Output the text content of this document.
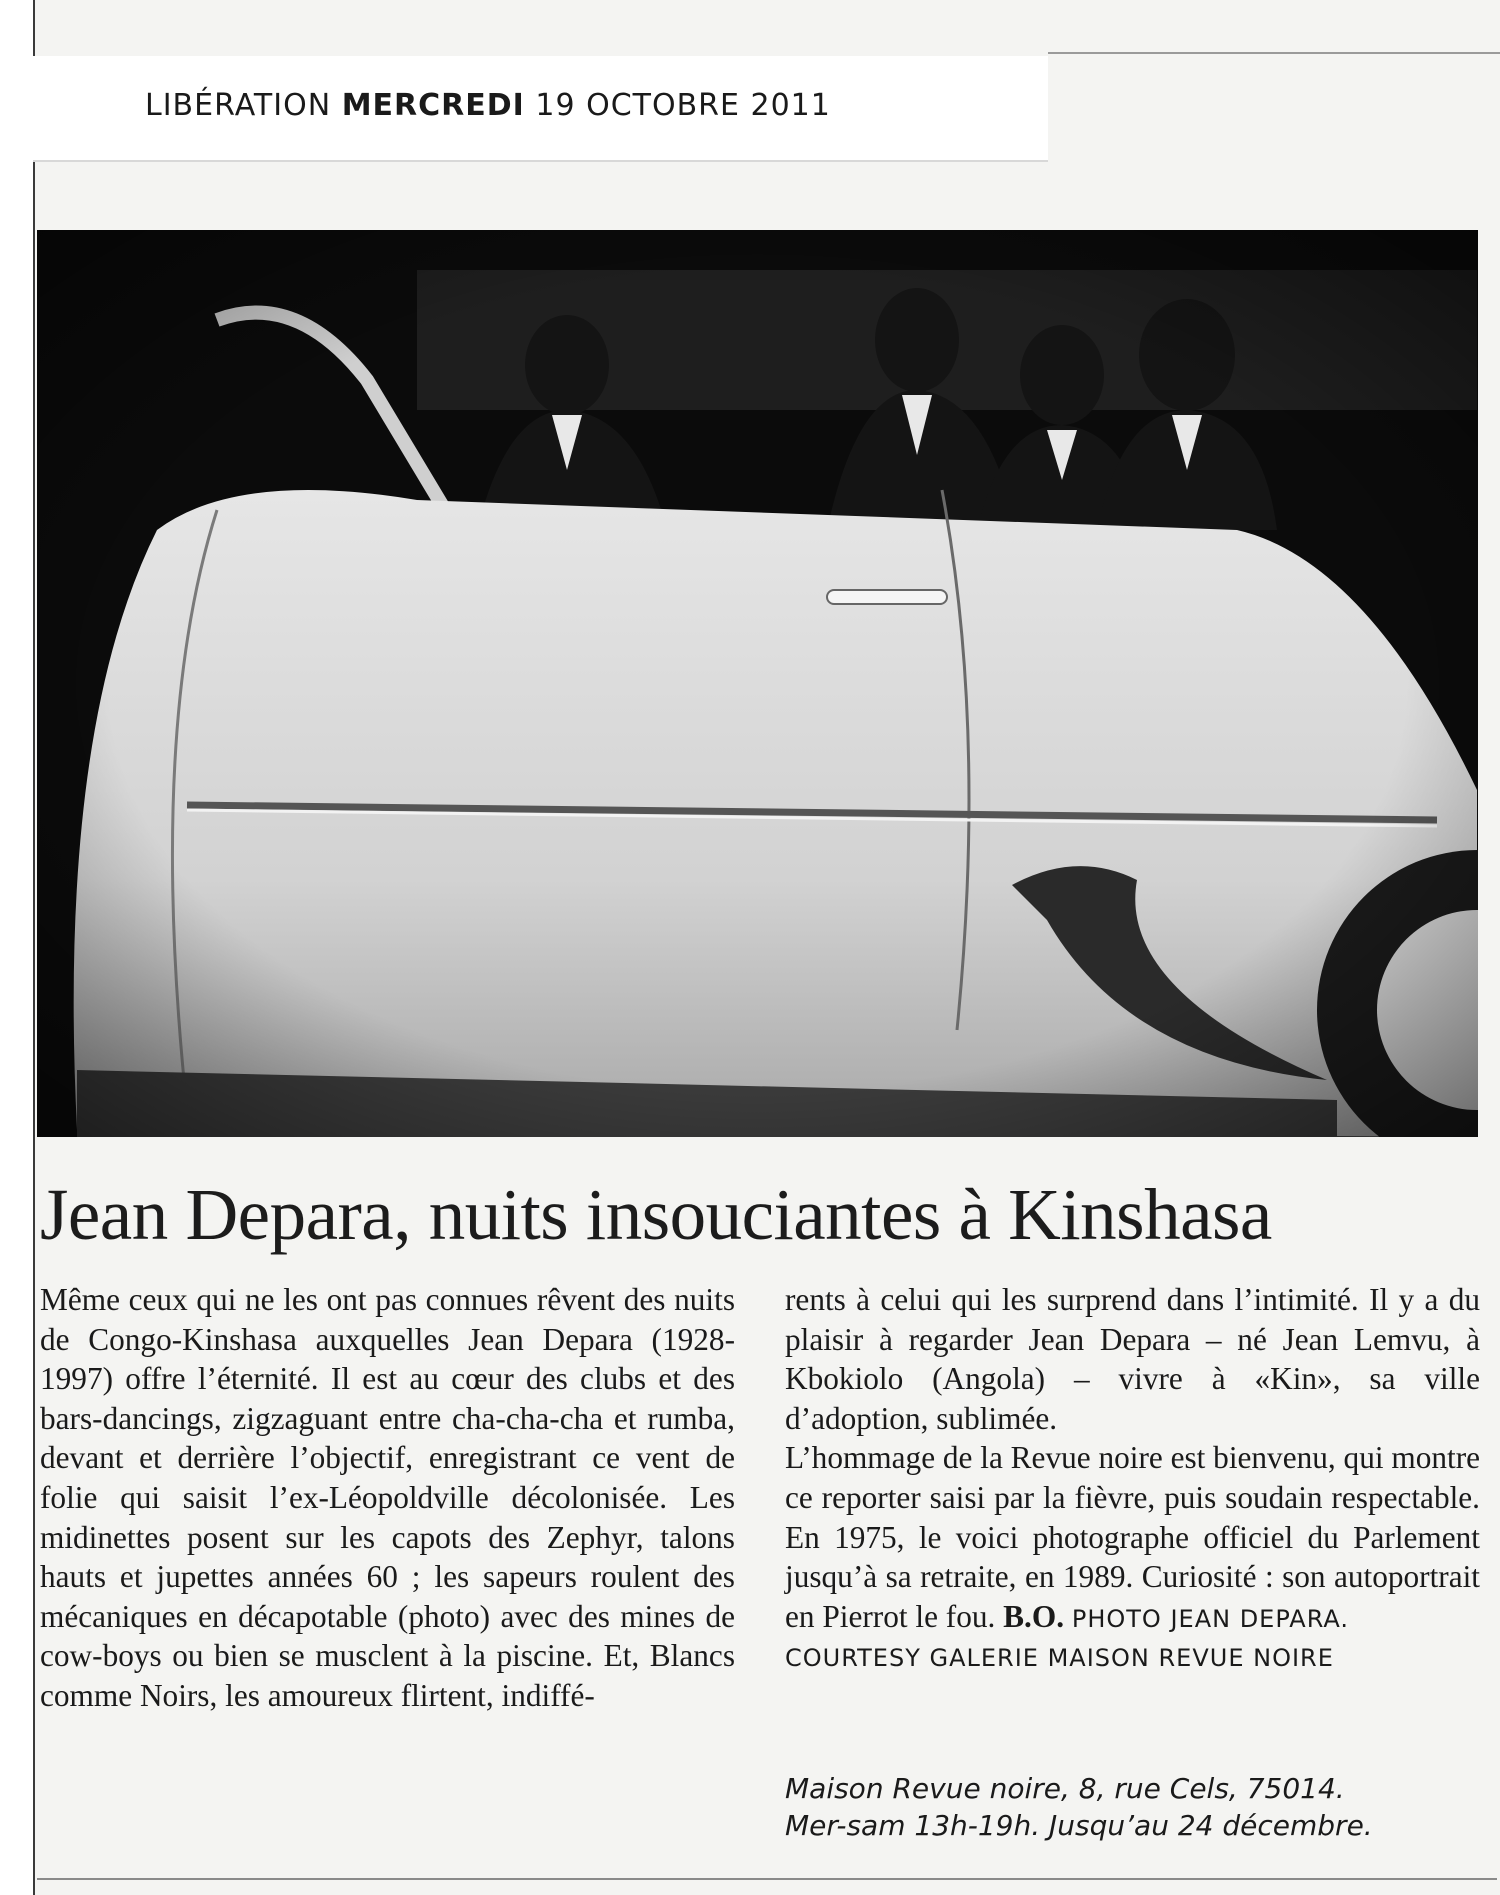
LIBÉRATION MERCREDI 19 OCTOBRE 2011
Jean Depara, nuits insouciantes à Kinshasa

Même ceux qui ne les ont pas connues rêvent des nuits de Congo-Kinshasa auxquelles Jean Depara (1928-1997) offre l’éternité. Il est au cœur des clubs et des bars-dancings, zigzaguant entre cha-cha-cha et rumba, devant et derrière l’objectif, enregistrant ce vent de folie qui saisit l’ex-Léopoldville décolonisée. Les midinettes posent sur les capots des Zephyr, talons hauts et jupettes années 60 ; les sapeurs roulent des mécaniques en décapotable (photo) avec des mines de cow-boys ou bien se musclent à la piscine. Et, Blancs comme Noirs, les amoureux flirtent, indiffé-

rents à celui qui les surprend dans l’intimité. Il y a du plaisir à regarder Jean Depara – né Jean Lemvu, à Kbokiolo (Angola) – vivre à «Kin», sa ville d’adoption, sublimée.

L’hommage de la Revue noire est bienvenu, qui montre ce reporter saisi par la fièvre, puis soudain respectable. En 1975, le voici photographe officiel du Parlement jusqu’à sa retraite, en 1989. Curiosité : son autoportrait en Pierrot le fou. B.O. PHOTO JEAN DEPARA.

COURTESY GALERIE MAISON REVUE NOIRE

Maison Revue noire, 8, rue Cels, 75014.
Mer-sam 13h-19h. Jusqu’au 24 décembre.
